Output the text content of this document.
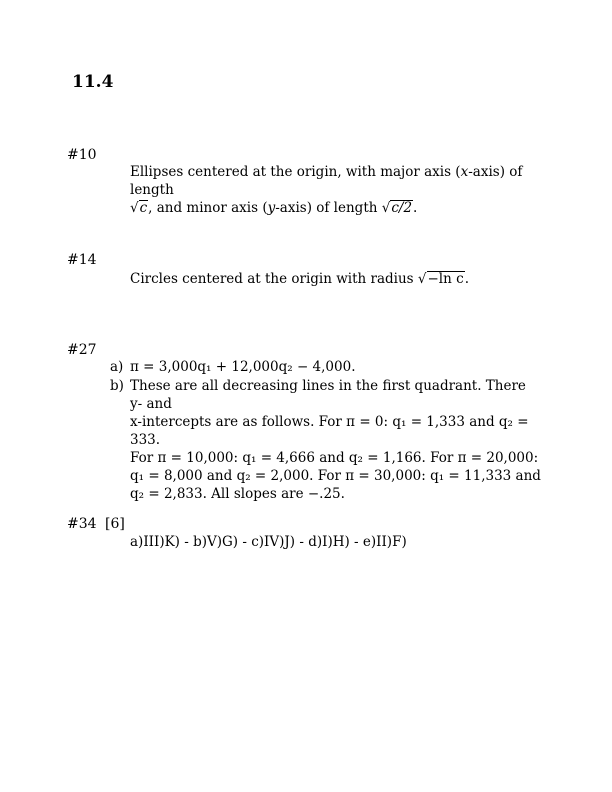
11.4
#10
Ellipses centered at the origin, with major axis (x-axis) of length
√c, and minor axis (y-axis) of length √c/2.
#14
Circles centered at the origin with radius √−ln c.
#27
a) π = 3,000q₁ + 12,000q₂ − 4,000.
b) These are all decreasing lines in the first quadrant. There y- and
x-intercepts are as follows. For π = 0: q₁ = 1,333 and q₂ = 333.
For π = 10,000: q₁ = 4,666 and q₂ = 1,166. For π = 20,000:
q₁ = 8,000 and q₂ = 2,000. For π = 30,000: q₁ = 11,333 and
q₂ = 2,833. All slopes are −.25.
#34 [6]
a)III)K) - b)V)G) - c)IV)J) - d)I)H) - e)II)F)
